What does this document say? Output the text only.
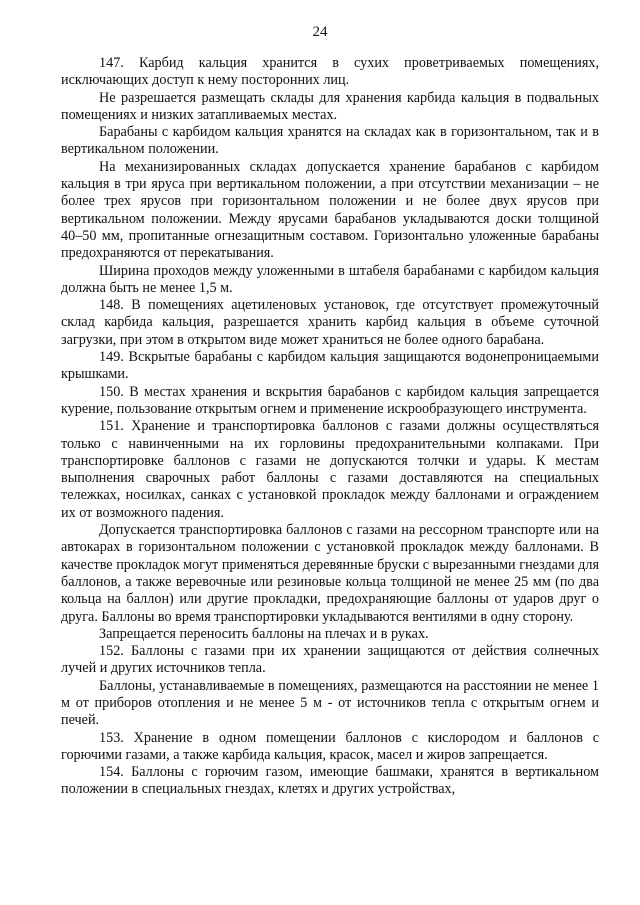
24

147. Карбид кальция хранится в сухих проветриваемых помещениях, исключающих доступ к нему посторонних лиц.

Не разрешается размещать склады для хранения карбида кальция в подвальных помещениях и низких затапливаемых местах.

Барабаны с карбидом кальция хранятся на складах как в горизонтальном, так и в вертикальном положении.

На механизированных складах допускается хранение барабанов с карбидом кальция в три яруса при вертикальном положении, а при отсутствии механизации – не более трех ярусов при горизонтальном положении и не более двух ярусов при вертикальном положении. Между ярусами барабанов укладываются доски толщиной 40–50 мм, пропитанные огнезащитным составом. Горизонтально уложенные барабаны предохраняются от перекатывания.

Ширина проходов между уложенными в штабеля барабанами с карбидом кальция должна быть не менее 1,5 м.

148. В помещениях ацетиленовых установок, где отсутствует промежуточный склад карбида кальция, разрешается хранить карбид кальция в объеме суточной загрузки, при этом в открытом виде может храниться не более одного барабана.

149. Вскрытые барабаны с карбидом кальция защищаются водонепроницаемыми крышками.

150. В местах хранения и вскрытия барабанов с карбидом кальция запрещается курение, пользование открытым огнем и применение искрообразующего инструмента.

151. Хранение и транспортировка баллонов с газами должны осуществляться только с навинченными на их горловины предохранительными колпаками. При транспортировке баллонов с газами не допускаются толчки и удары. К местам выполнения сварочных работ баллоны с газами доставляются на специальных тележках, носилках, санках с установкой прокладок между баллонами и ограждением их от возможного падения.

Допускается транспортировка баллонов с газами на рессорном транспорте или на автокарах в горизонтальном положении с установкой прокладок между баллонами. В качестве прокладок могут применяться деревянные бруски с вырезанными гнездами для баллонов, а также веревочные или резиновые кольца толщиной не менее 25 мм (по два кольца на баллон) или другие прокладки, предохраняющие баллоны от ударов друг о друга. Баллоны во время транспортировки укладываются вентилями в одну сторону.

Запрещается переносить баллоны на плечах и в руках.

152. Баллоны с газами при их хранении защищаются от действия солнечных лучей и других источников тепла.

Баллоны, устанавливаемые в помещениях, размещаются на расстоянии не менее 1 м от приборов отопления и не менее 5 м - от источников тепла с открытым огнем и печей.

153. Хранение в одном помещении баллонов с кислородом и баллонов с горючими газами, а также карбида кальция, красок, масел и жиров запрещается.

154. Баллоны с горючим газом, имеющие башмаки, хранятся в вертикальном положении в специальных гнездах, клетях и других устройствах,
